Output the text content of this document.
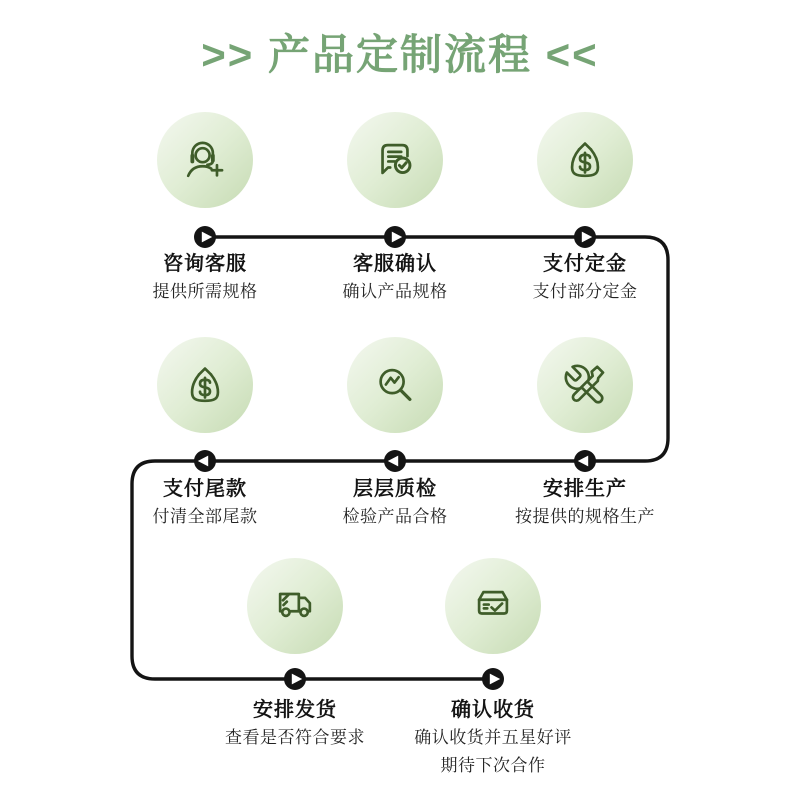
>> 产品定制流程 <<
咨询客服
提供所需规格
客服确认
确认产品规格
支付定金
支付部分定金
安排生产
按提供的规格生产
层层质检
检验产品合格
支付尾款
付清全部尾款
安排发货
查看是否符合要求
确认收货
确认收货并五星好评
期待下次合作
